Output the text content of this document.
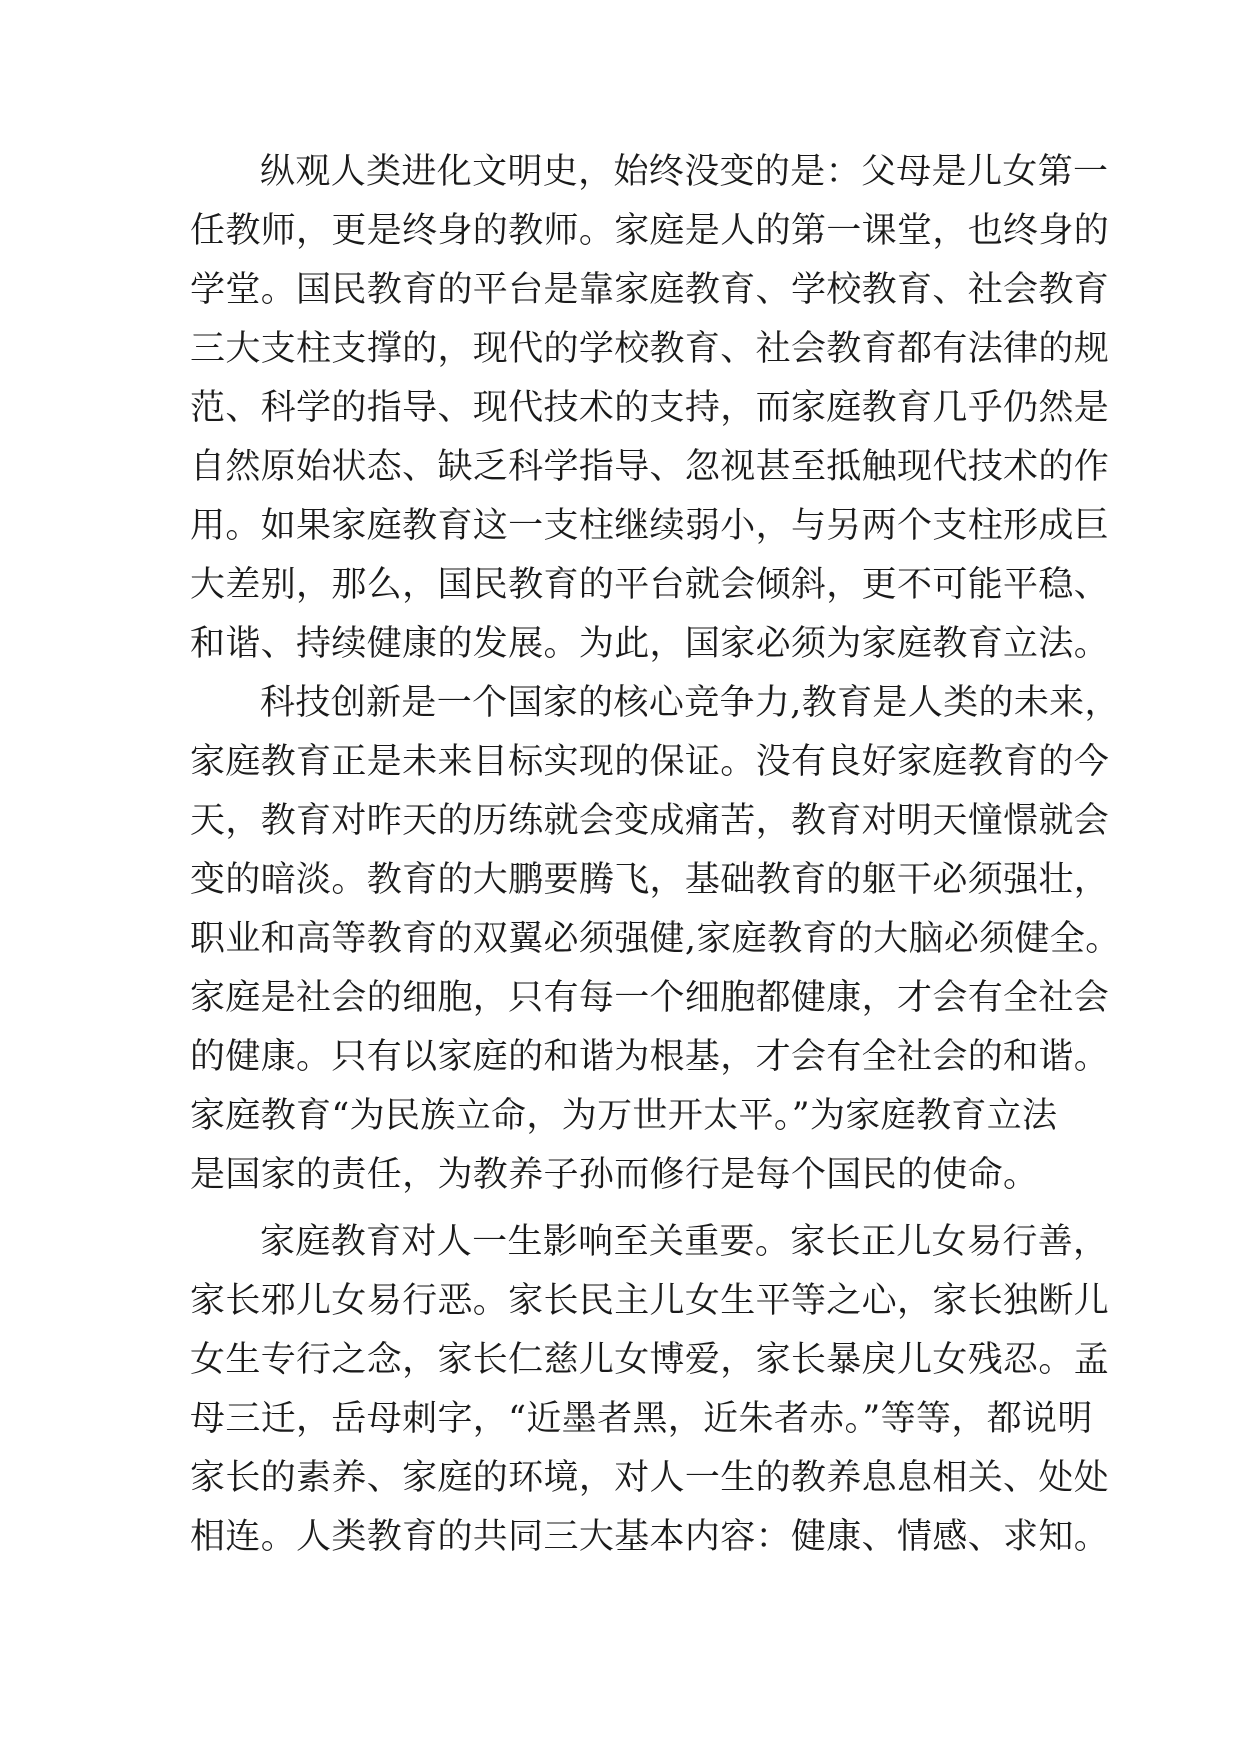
纵观人类进化文明史，始终没变的是：父母是儿女第一

任教师，更是终身的教师。家庭是人的第一课堂，也终身的

学堂。国民教育的平台是靠家庭教育、学校教育、社会教育

三大支柱支撑的，现代的学校教育、社会教育都有法律的规

范、科学的指导、现代技术的支持，而家庭教育几乎仍然是

自然原始状态、缺乏科学指导、忽视甚至抵触现代技术的作

用。如果家庭教育这一支柱继续弱小，与另两个支柱形成巨

大差别，那么，国民教育的平台就会倾斜，更不可能平稳、

和谐、持续健康的发展。为此，国家必须为家庭教育立法。

科技创新是一个国家的核心竞争力,教育是人类的未来，

家庭教育正是未来目标实现的保证。没有良好家庭教育的今

天，教育对昨天的历练就会变成痛苦，教育对明天憧憬就会

变的暗淡。教育的大鹏要腾飞，基础教育的躯干必须强壮，

职业和高等教育的双翼必须强健,家庭教育的大脑必须健全。

家庭是社会的细胞，只有每一个细胞都健康，才会有全社会

的健康。只有以家庭的和谐为根基，才会有全社会的和谐。

家庭教育“为民族立命，为万世开太平。”为家庭教育立法

是国家的责任，为教养子孙而修行是每个国民的使命。

家庭教育对人一生影响至关重要。家长正儿女易行善，

家长邪儿女易行恶。家长民主儿女生平等之心，家长独断儿

女生专行之念，家长仁慈儿女博爱，家长暴戾儿女残忍。孟

母三迁，岳母刺字，“近墨者黑，近朱者赤。”等等，都说明

家长的素养、家庭的环境，对人一生的教养息息相关、处处

相连。人类教育的共同三大基本内容：健康、情感、求知。
